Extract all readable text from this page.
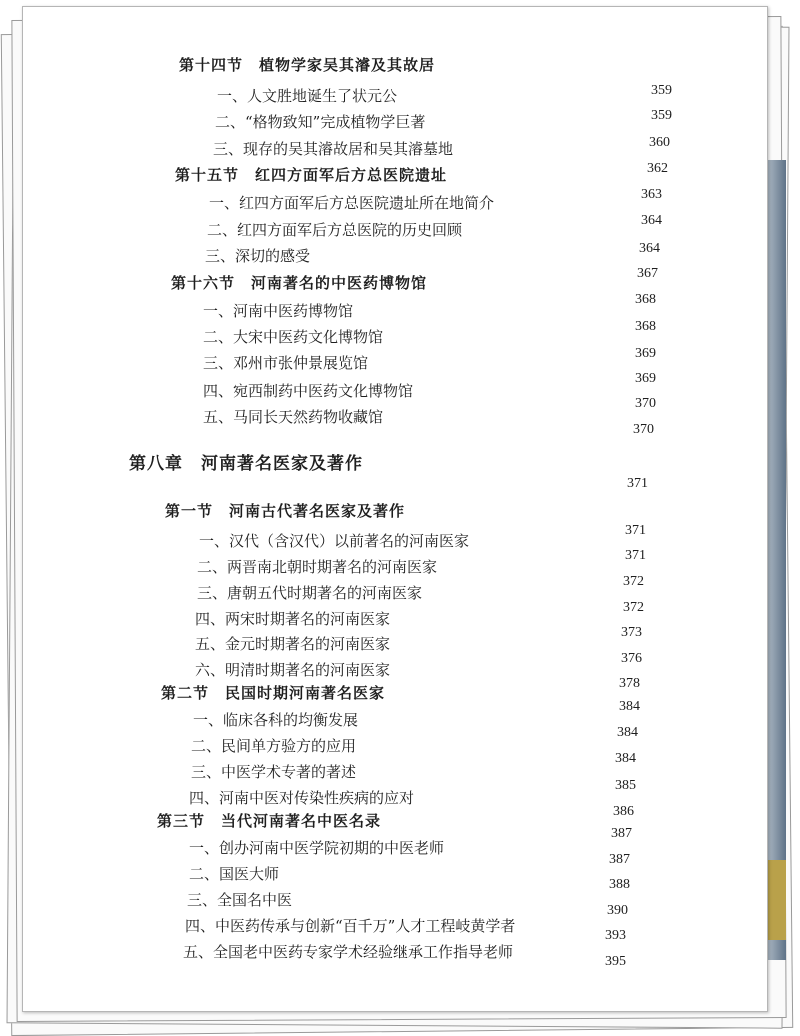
第十四节　植物学家吴其濬及其故居
359
一、人文胜地诞生了状元公
359
二、“格物致知”完成植物学巨著
360
三、现存的吴其濬故居和吴其濬墓地
362
第十五节　红四方面军后方总医院遗址
363
一、红四方面军后方总医院遗址所在地简介
364
二、红四方面军后方总医院的历史回顾
364
三、深切的感受
367
第十六节　河南著名的中医药博物馆
368
一、河南中医药博物馆
368
二、大宋中医药文化博物馆
369
三、邓州市张仲景展览馆
369
四、宛西制药中医药文化博物馆
370
五、马同长天然药物收藏馆
370
第八章　河南著名医家及著作
371
第一节　河南古代著名医家及著作
371
一、汉代（含汉代）以前著名的河南医家
371
二、两晋南北朝时期著名的河南医家
372
三、唐朝五代时期著名的河南医家
372
四、两宋时期著名的河南医家
373
五、金元时期著名的河南医家
376
六、明清时期著名的河南医家
378
第二节　民国时期河南著名医家
384
一、临床各科的均衡发展
384
二、民间单方验方的应用
384
三、中医学术专著的著述
385
四、河南中医对传染性疾病的应对
386
第三节　当代河南著名中医名录
387
一、创办河南中医学院初期的中医老师
387
二、国医大师
388
三、全国名中医
390
四、中医药传承与创新“百千万”人才工程岐黄学者
393
五、全国老中医药专家学术经验继承工作指导老师
395
